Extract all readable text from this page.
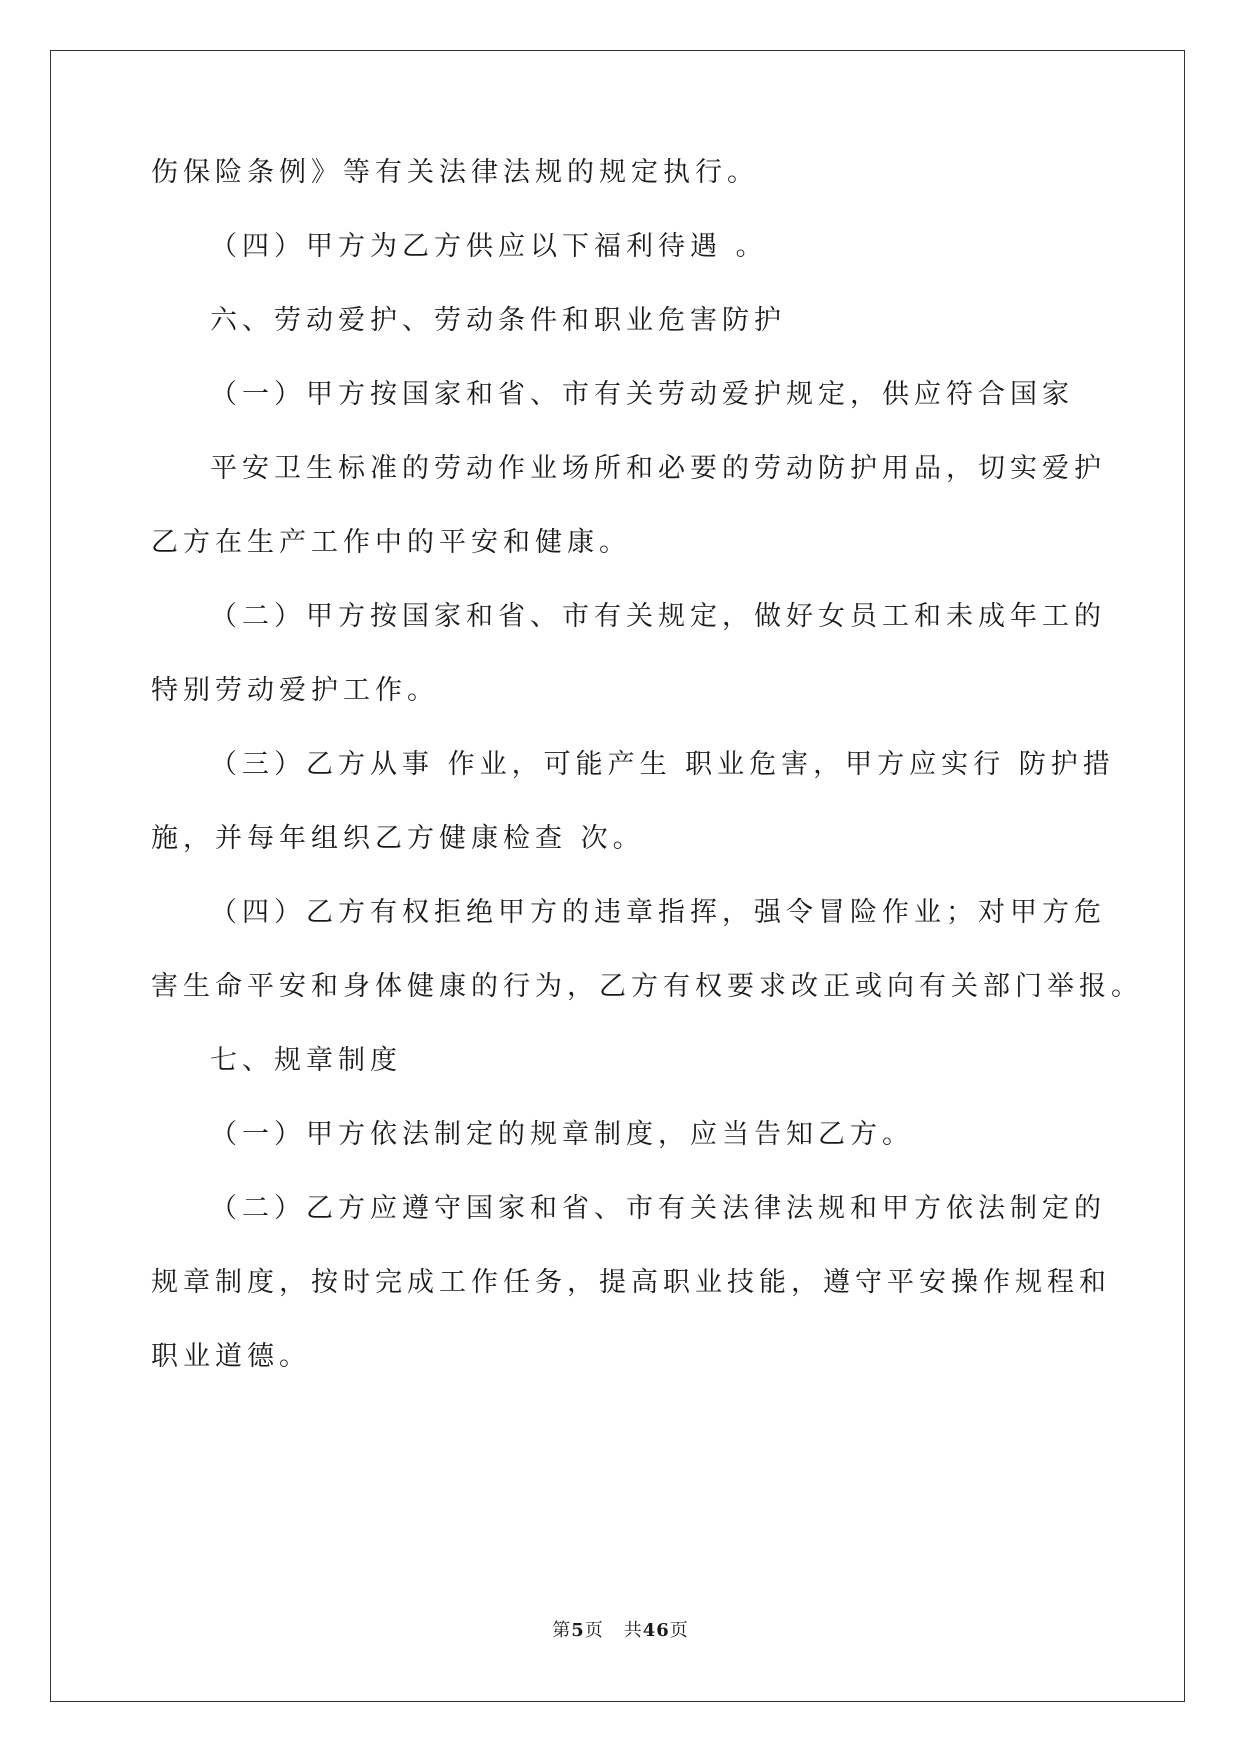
伤保险条例》等有关法律法规的规定执行。

（四）甲方为乙方供应以下福利待遇 。

六、劳动爱护、劳动条件和职业危害防护

（一）甲方按国家和省、市有关劳动爱护规定，供应符合国家

平安卫生标准的劳动作业场所和必要的劳动防护用品，切实爱护

乙方在生产工作中的平安和健康。

（二）甲方按国家和省、市有关规定，做好女员工和未成年工的

特别劳动爱护工作。

（三）乙方从事 作业，可能产生 职业危害，甲方应实行 防护措

施，并每年组织乙方健康检查 次。

（四）乙方有权拒绝甲方的违章指挥，强令冒险作业；对甲方危

害生命平安和身体健康的行为，乙方有权要求改正或向有关部门举报。

七、规章制度

（一）甲方依法制定的规章制度，应当告知乙方。

（二）乙方应遵守国家和省、市有关法律法规和甲方依法制定的

规章制度，按时完成工作任务，提高职业技能，遵守平安操作规程和

职业道德。

第5页 共46页
